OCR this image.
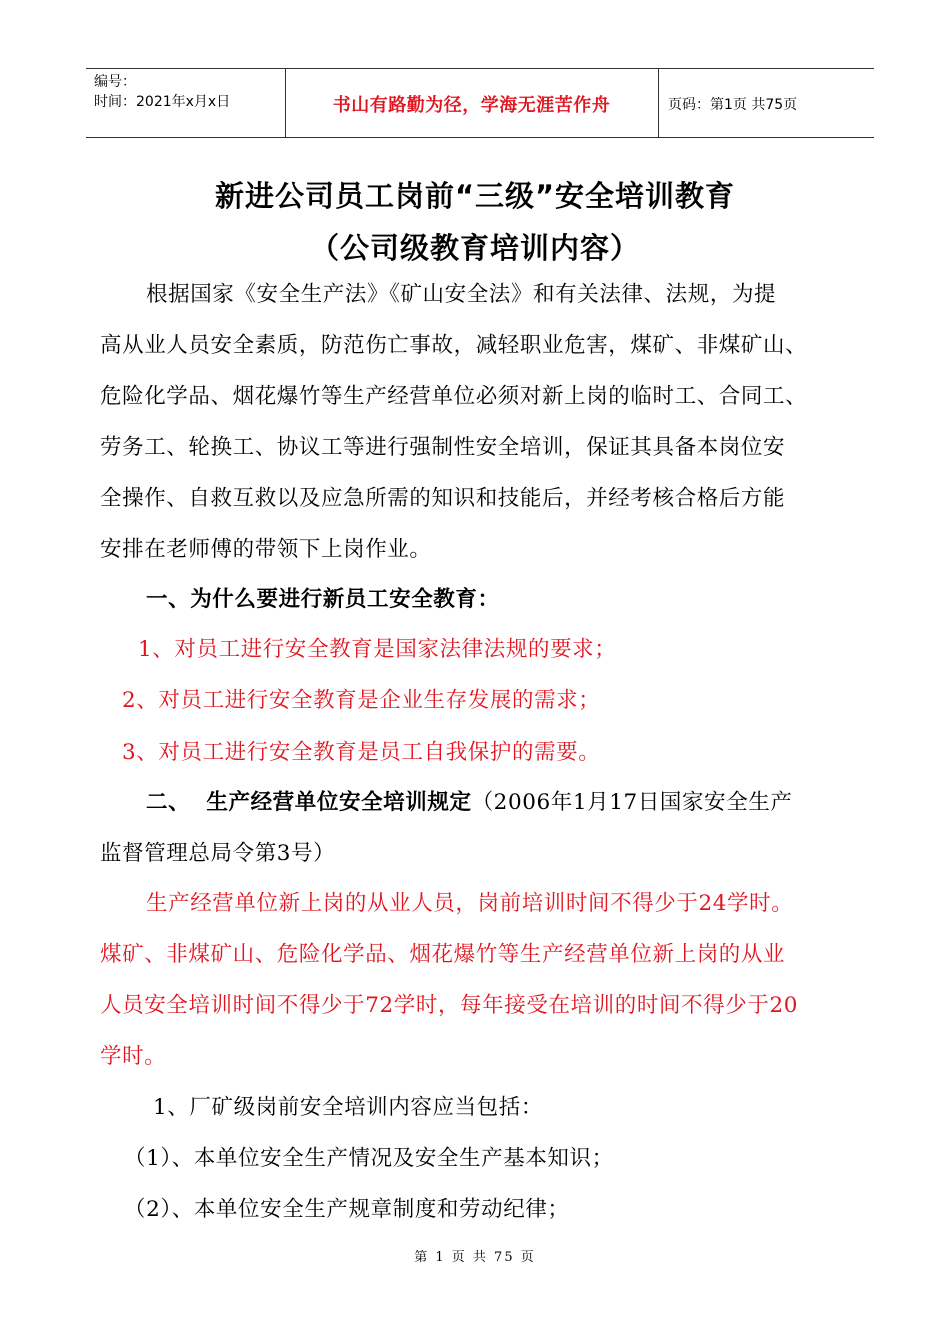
编号：
时间：2021年x月x日	书山有路勤为径，学海无涯苦作舟	页码：第1页 共75页
新进公司员工岗前“三级”安全培训教育
（公司级教育培训内容）
根据国家《安全生产法》《矿山安全法》和有关法律、法规，为提
高从业人员安全素质，防范伤亡事故，减轻职业危害，煤矿、非煤矿山、
危险化学品、烟花爆竹等生产经营单位必须对新上岗的临时工、合同工、
劳务工、轮换工、协议工等进行强制性安全培训，保证其具备本岗位安
全操作、自救互救以及应急所需的知识和技能后，并经考核合格后方能
安排在老师傅的带领下上岗作业。
一、为什么要进行新员工安全教育：
1、对员工进行安全教育是国家法律法规的要求；
2、对员工进行安全教育是企业生存发展的需求；
3、对员工进行安全教育是员工自我保护的需要。
二、  生产经营单位安全培训规定（2006年1月17日国家安全生产
监督管理总局令第3号）
生产经营单位新上岗的从业人员，岗前培训时间不得少于24学时。
煤矿、非煤矿山、危险化学品、烟花爆竹等生产经营单位新上岗的从业
人员安全培训时间不得少于72学时，每年接受在培训的时间不得少于20
学时。
1、厂矿级岗前安全培训内容应当包括：
（1）、本单位安全生产情况及安全生产基本知识；
（2）、本单位安全生产规章制度和劳动纪律；
第 1 页 共 75 页
